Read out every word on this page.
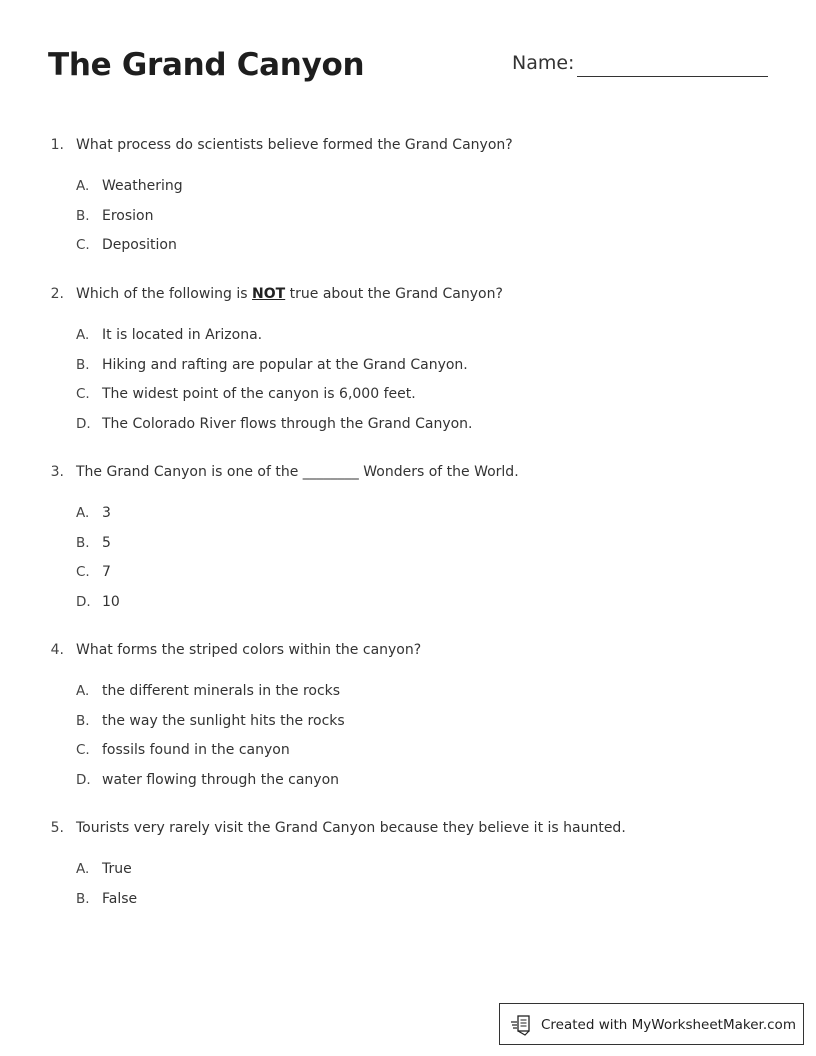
The Grand Canyon	Name:
1. What process do scientists believe formed the Grand Canyon?
A. Weathering
B. Erosion
C. Deposition
2. Which of the following is NOT true about the Grand Canyon?
A. It is located in Arizona.
B. Hiking and rafting are popular at the Grand Canyon.
C. The widest point of the canyon is 6,000 feet.
D. The Colorado River flows through the Grand Canyon.
3. The Grand Canyon is one of the ________ Wonders of the World.
A. 3
B. 5
C. 7
D. 10
4. What forms the striped colors within the canyon?
A. the different minerals in the rocks
B. the way the sunlight hits the rocks
C. fossils found in the canyon
D. water flowing through the canyon
5. Tourists very rarely visit the Grand Canyon because they believe it is haunted.
A. True
B. False
Created with MyWorksheetMaker.com
